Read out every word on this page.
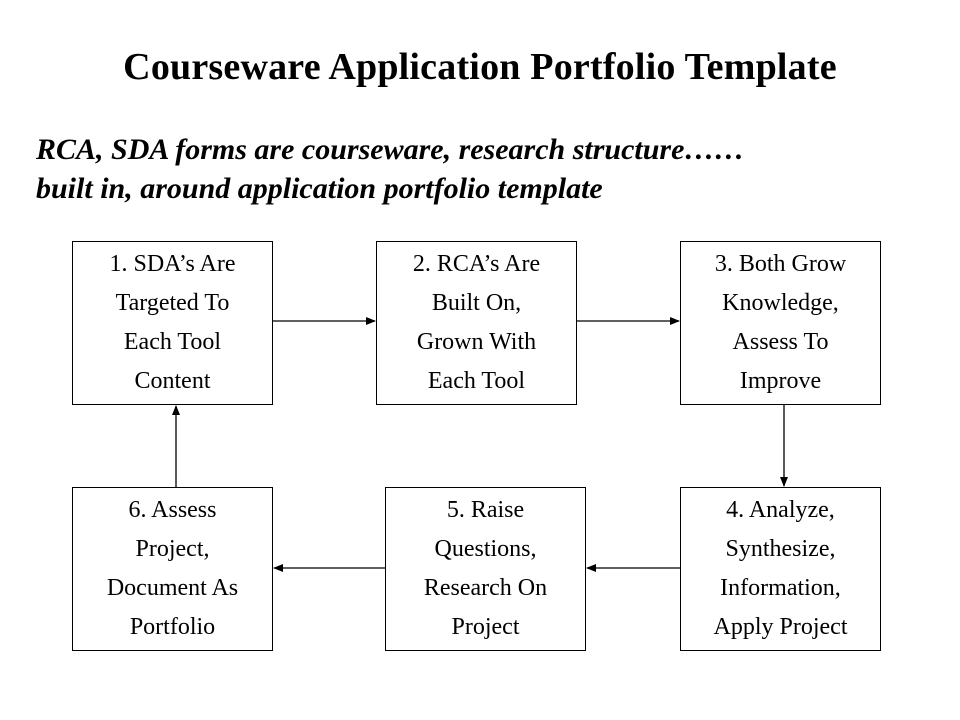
Courseware Application Portfolio Template
RCA, SDA forms are courseware, research structure……
built in, around application portfolio template
1. SDA’s Are
Targeted To
Each Tool
Content
2. RCA’s Are
Built On,
Grown With
Each Tool
3. Both Grow
Knowledge,
Assess To
Improve
4. Analyze,
Synthesize,
Information,
Apply Project
5. Raise
Questions,
Research On
Project
6. Assess
Project,
Document As
Portfolio
